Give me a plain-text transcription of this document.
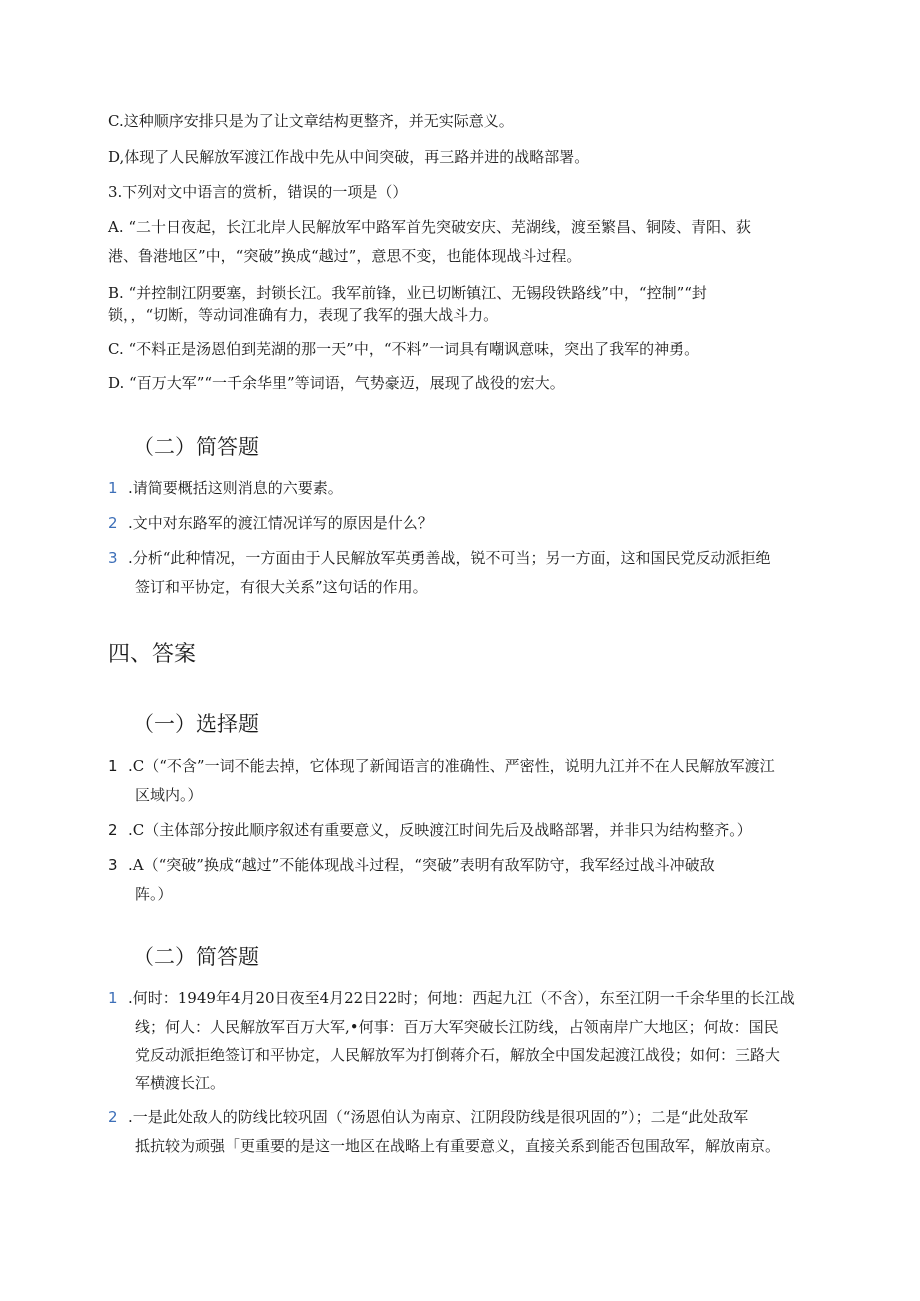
C.这种顺序安排只是为了让文章结构更整齐，并无实际意义。
D,体现了人民解放军渡江作战中先从中间突破，再三路并进的战略部署。
3.下列对文中语言的赏析，错误的一项是（）
A. “二十日夜起，长江北岸人民解放军中路军首先突破安庆、芜湖线，渡至繁昌、铜陵、青阳、荻
港、鲁港地区”中，“突破”换成“越过”，意思不变，也能体现战斗过程。
B. “并控制江阴要塞，封锁长江。我军前锋，业已切断镇江、无锡段铁路线”中，“控制”“封
锁，，“切断，等动词准确有力，表现了我军的强大战斗力。
C. “不料正是汤恩伯到芜湖的那一天”中，“不料”一词具有嘲讽意味，突出了我军的神勇。
D. “百万大军”“一千余华里”等词语，气势豪迈，展现了战役的宏大。
（二）简答题
1 .请简要概括这则消息的六要素。
2 .文中对东路军的渡江情况详写的原因是什么？
3 .分析“此种情况，一方面由于人民解放军英勇善战，锐不可当；另一方面，这和国民党反动派拒绝
签订和平协定，有很大关系”这句话的作用。
四、答案
（一）选择题
1 .C（“不含”一词不能去掉，它体现了新闻语言的准确性、严密性，说明九江并不在人民解放军渡江
区域内。）
2 .C（主体部分按此顺序叙述有重要意义，反映渡江时间先后及战略部署，并非只为结构整齐。）
3 .A（“突破”换成“越过”不能体现战斗过程，“突破”表明有敌军防守，我军经过战斗冲破敌
阵。）
（二）简答题
1 .何时：1949年4月20日夜至4月22日22时；何地：西起九江（不含），东至江阴一千余华里的长江战
线；何人：人民解放军百万大军,•何事：百万大军突破长江防线，占领南岸广大地区；何故：国民
党反动派拒绝签订和平协定，人民解放军为打倒蒋介石，解放全中国发起渡江战役；如何：三路大
军横渡长江。
2 .一是此处敌人的防线比较巩固（“汤恩伯认为南京、江阴段防线是很巩固的”）；二是“此处敌军
抵抗较为顽强「更重要的是这一地区在战略上有重要意义，直接关系到能否包围敌军，解放南京。
